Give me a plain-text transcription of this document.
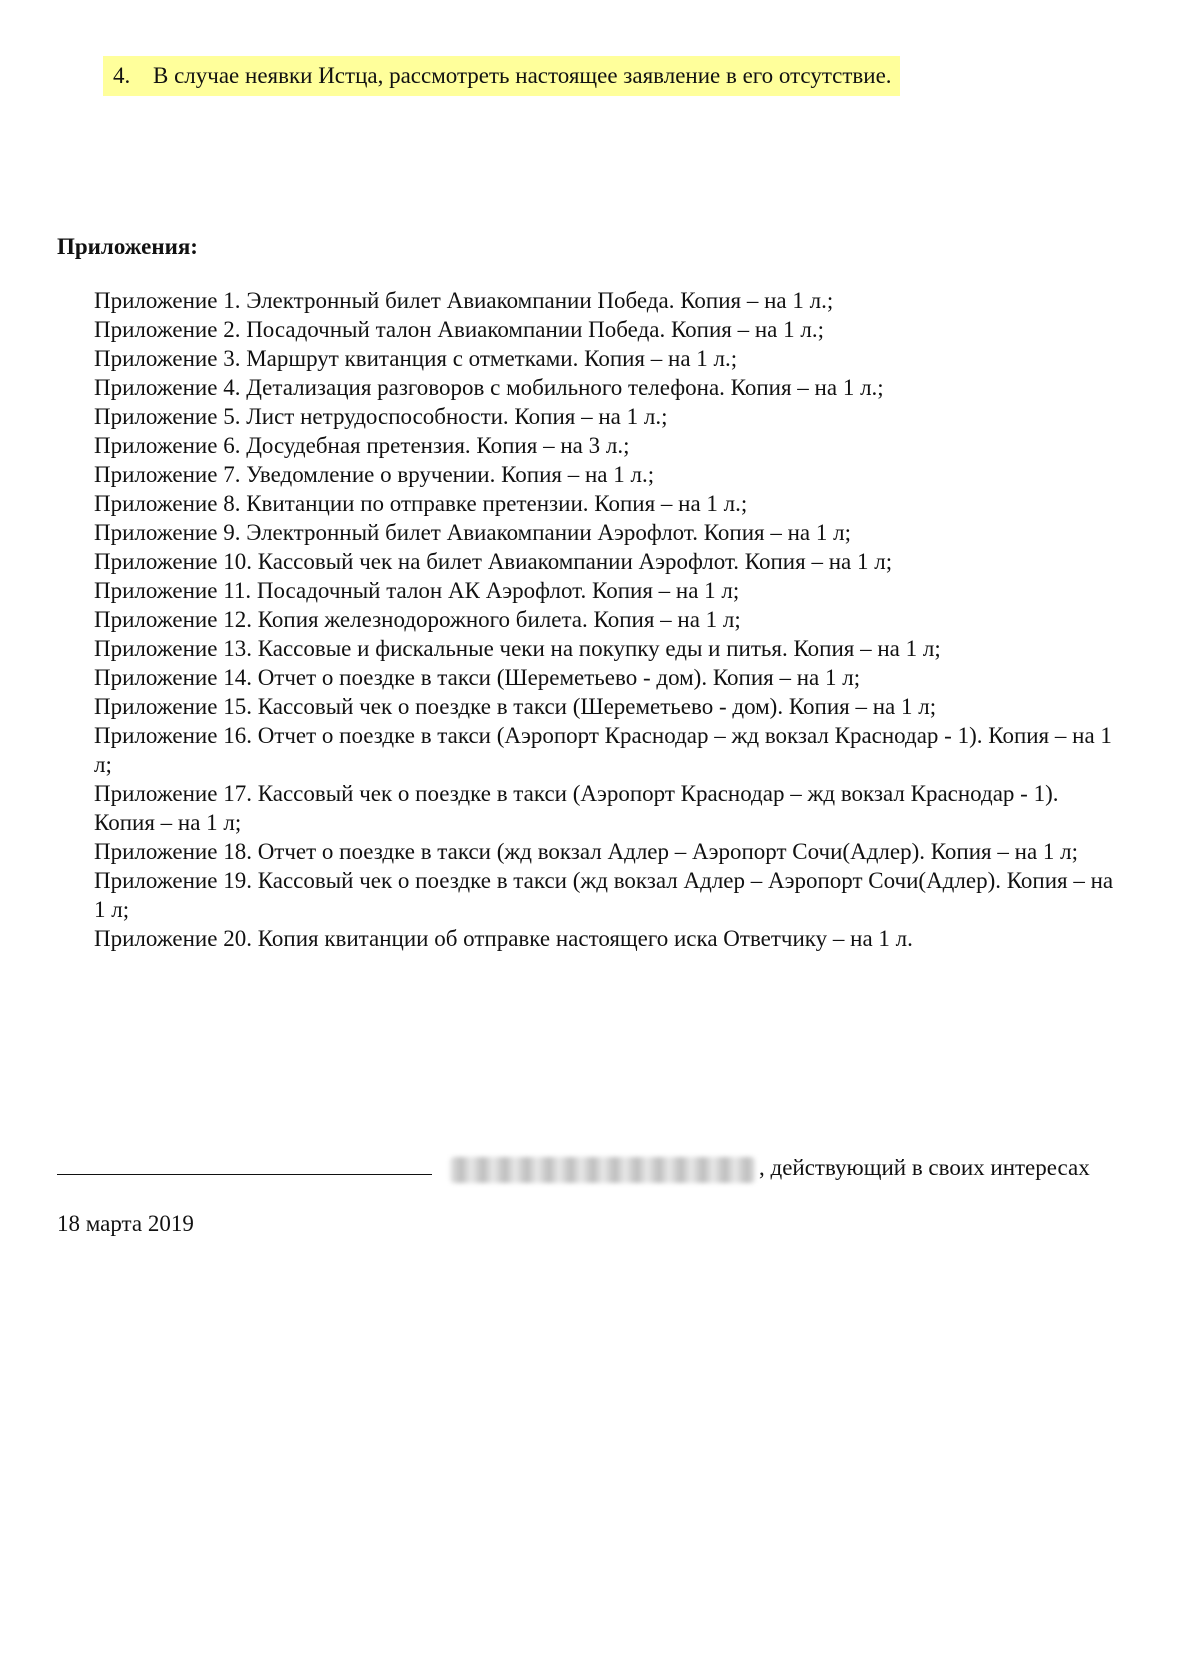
4. В случае неявки Истца, рассмотреть настоящее заявление в его отсутствие.
Приложения:
Приложение 1. Электронный билет Авиакомпании Победа. Копия – на 1 л.;
Приложение 2. Посадочный талон Авиакомпании Победа. Копия – на 1 л.;
Приложение 3. Маршрут квитанция с отметками. Копия – на 1 л.;
Приложение 4. Детализация разговоров с мобильного телефона. Копия – на 1 л.;
Приложение 5. Лист нетрудоспособности. Копия – на 1 л.;
Приложение 6. Досудебная претензия. Копия – на 3 л.;
Приложение 7. Уведомление о вручении. Копия – на 1 л.;
Приложение 8. Квитанции по отправке претензии. Копия – на 1 л.;
Приложение 9. Электронный билет Авиакомпании Аэрофлот. Копия – на 1 л;
Приложение 10. Кассовый чек на билет Авиакомпании Аэрофлот. Копия – на 1 л;
Приложение 11. Посадочный талон АК Аэрофлот. Копия – на 1 л;
Приложение 12. Копия железнодорожного билета. Копия – на 1 л;
Приложение 13. Кассовые и фискальные чеки на покупку еды и питья. Копия – на 1 л;
Приложение 14. Отчет о поездке в такси (Шереметьево - дом). Копия – на 1 л;
Приложение 15. Кассовый чек о поездке в такси (Шереметьево - дом). Копия – на 1 л;
Приложение 16. Отчет о поездке в такси (Аэропорт Краснодар – жд вокзал Краснодар - 1). Копия – на 1 л;
Приложение 17. Кассовый чек о поездке в такси (Аэропорт Краснодар – жд вокзал Краснодар - 1). Копия – на 1 л;
Приложение 18. Отчет о поездке в такси (жд вокзал Адлер – Аэропорт Сочи(Адлер). Копия – на 1 л;
Приложение 19. Кассовый чек о поездке в такси (жд вокзал Адлер – Аэропорт Сочи(Адлер). Копия – на 1 л;
Приложение 20. Копия квитанции об отправке настоящего иска Ответчику – на 1 л.
, действующий в своих интересах
18 марта 2019
